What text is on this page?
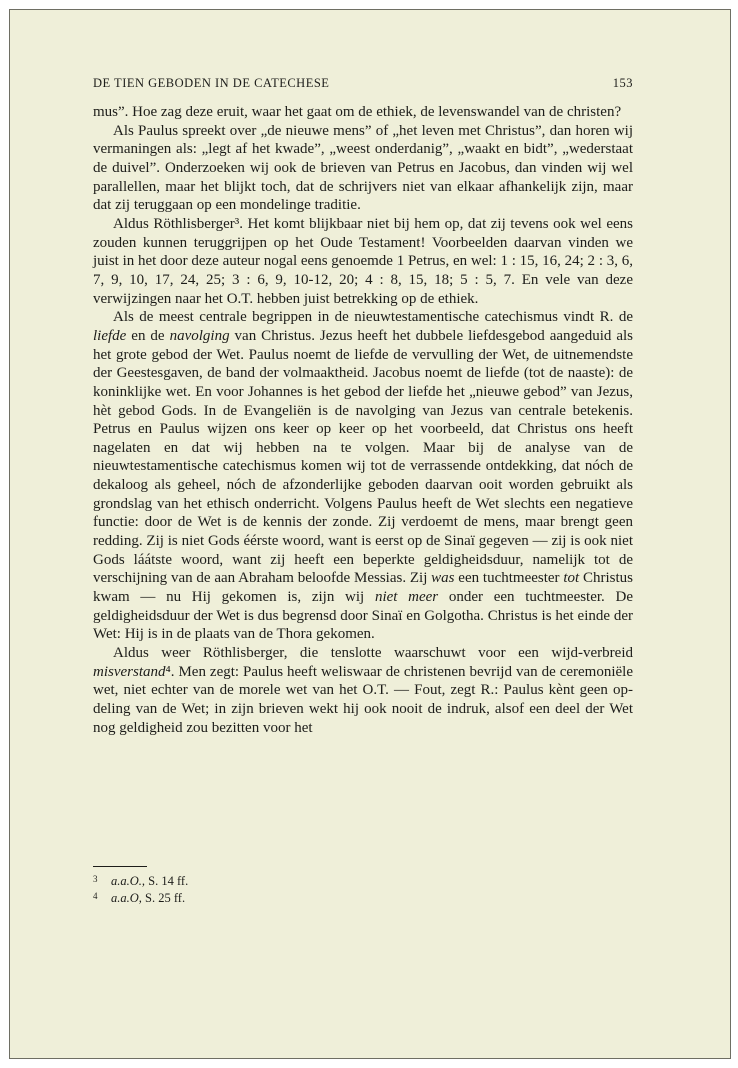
DE TIEN GEBODEN IN DE CATECHESE	153

mus”. Hoe zag deze eruit, waar het gaat om de ethiek, de levenswandel van de christen?

Als Paulus spreekt over „de nieuwe mens” of „het leven met Christus”, dan horen wij vermaningen als: „legt af het kwade”, „weest onderdanig”, „waakt en bidt”, „wederstaat de duivel”. Onderzoeken wij ook de brieven van Petrus en Jacobus, dan vinden wij wel parallellen, maar het blijkt toch, dat de schrijvers niet van elkaar afhankelijk zijn, maar dat zij teruggaan op een mondelinge traditie.

Aldus Röthlisberger³. Het komt blijkbaar niet bij hem op, dat zij tevens ook wel eens zouden kunnen teruggrijpen op het Oude Testament! Voorbeelden daarvan vinden we juist in het door deze auteur nogal eens genoemde 1 Petrus, en wel: 1 : 15, 16, 24; 2 : 3, 6, 7, 9, 10, 17, 24, 25; 3 : 6, 9, 10-12, 20; 4 : 8, 15, 18; 5 : 5, 7. En vele van deze verwijzingen naar het O.T. hebben juist betrekking op de ethiek.

Als de meest centrale begrippen in de nieuwtestamentische catechismus vindt R. de liefde en de navolging van Christus. Jezus heeft het dubbele liefdesgebod aangeduid als het grote gebod der Wet. Paulus noemt de liefde de vervulling der Wet, de uitnemendste der Geestesgaven, de band der volmaaktheid. Jacobus noemt de liefde (tot de naaste): de koninklijke wet. En voor Johannes is het gebod der liefde het „nieuwe gebod” van Jezus, hèt gebod Gods. In de Evangeliën is de navolging van Jezus van centrale betekenis. Petrus en Paulus wijzen ons keer op keer op het voorbeeld, dat Christus ons heeft nagelaten en dat wij hebben na te volgen. Maar bij de analyse van de nieuwtestamentische catechismus komen wij tot de verrassende ontdekking, dat nóch de dekaloog als geheel, nóch de afzonderlijke geboden daarvan ooit worden gebruikt als grondslag van het ethisch onderricht. Volgens Paulus heeft de Wet slechts een negatieve functie: door de Wet is de kennis der zonde. Zij verdoemt de mens, maar brengt geen redding. Zij is niet Gods éérste woord, want is eerst op de Sinaï gegeven — zij is ook niet Gods láátste woord, want zij heeft een beperkte geldigheidsduur, namelijk tot de verschijning van de aan Abraham beloofde Messias. Zij was een tuchtmeester tot Christus kwam — nu Hij gekomen is, zijn wij niet meer onder een tuchtmeester. De geldigheidsduur der Wet is dus begrensd door Sinaï en Golgotha. Christus is het einde der Wet: Hij is in de plaats van de Thora gekomen.

Aldus weer Röthlisberger, die tenslotte waarschuwt voor een wijd-verbreid misverstand⁴. Men zegt: Paulus heeft weliswaar de christenen bevrijd van de ceremoniële wet, niet echter van de morele wet van het O.T. — Fout, zegt R.: Paulus kènt geen op-deling van de Wet; in zijn brieven wekt hij ook nooit de indruk, alsof een deel der Wet nog geldigheid zou bezitten voor het

3 a.a.O., S. 14 ff.
4 a.a.O, S. 25 ff.
